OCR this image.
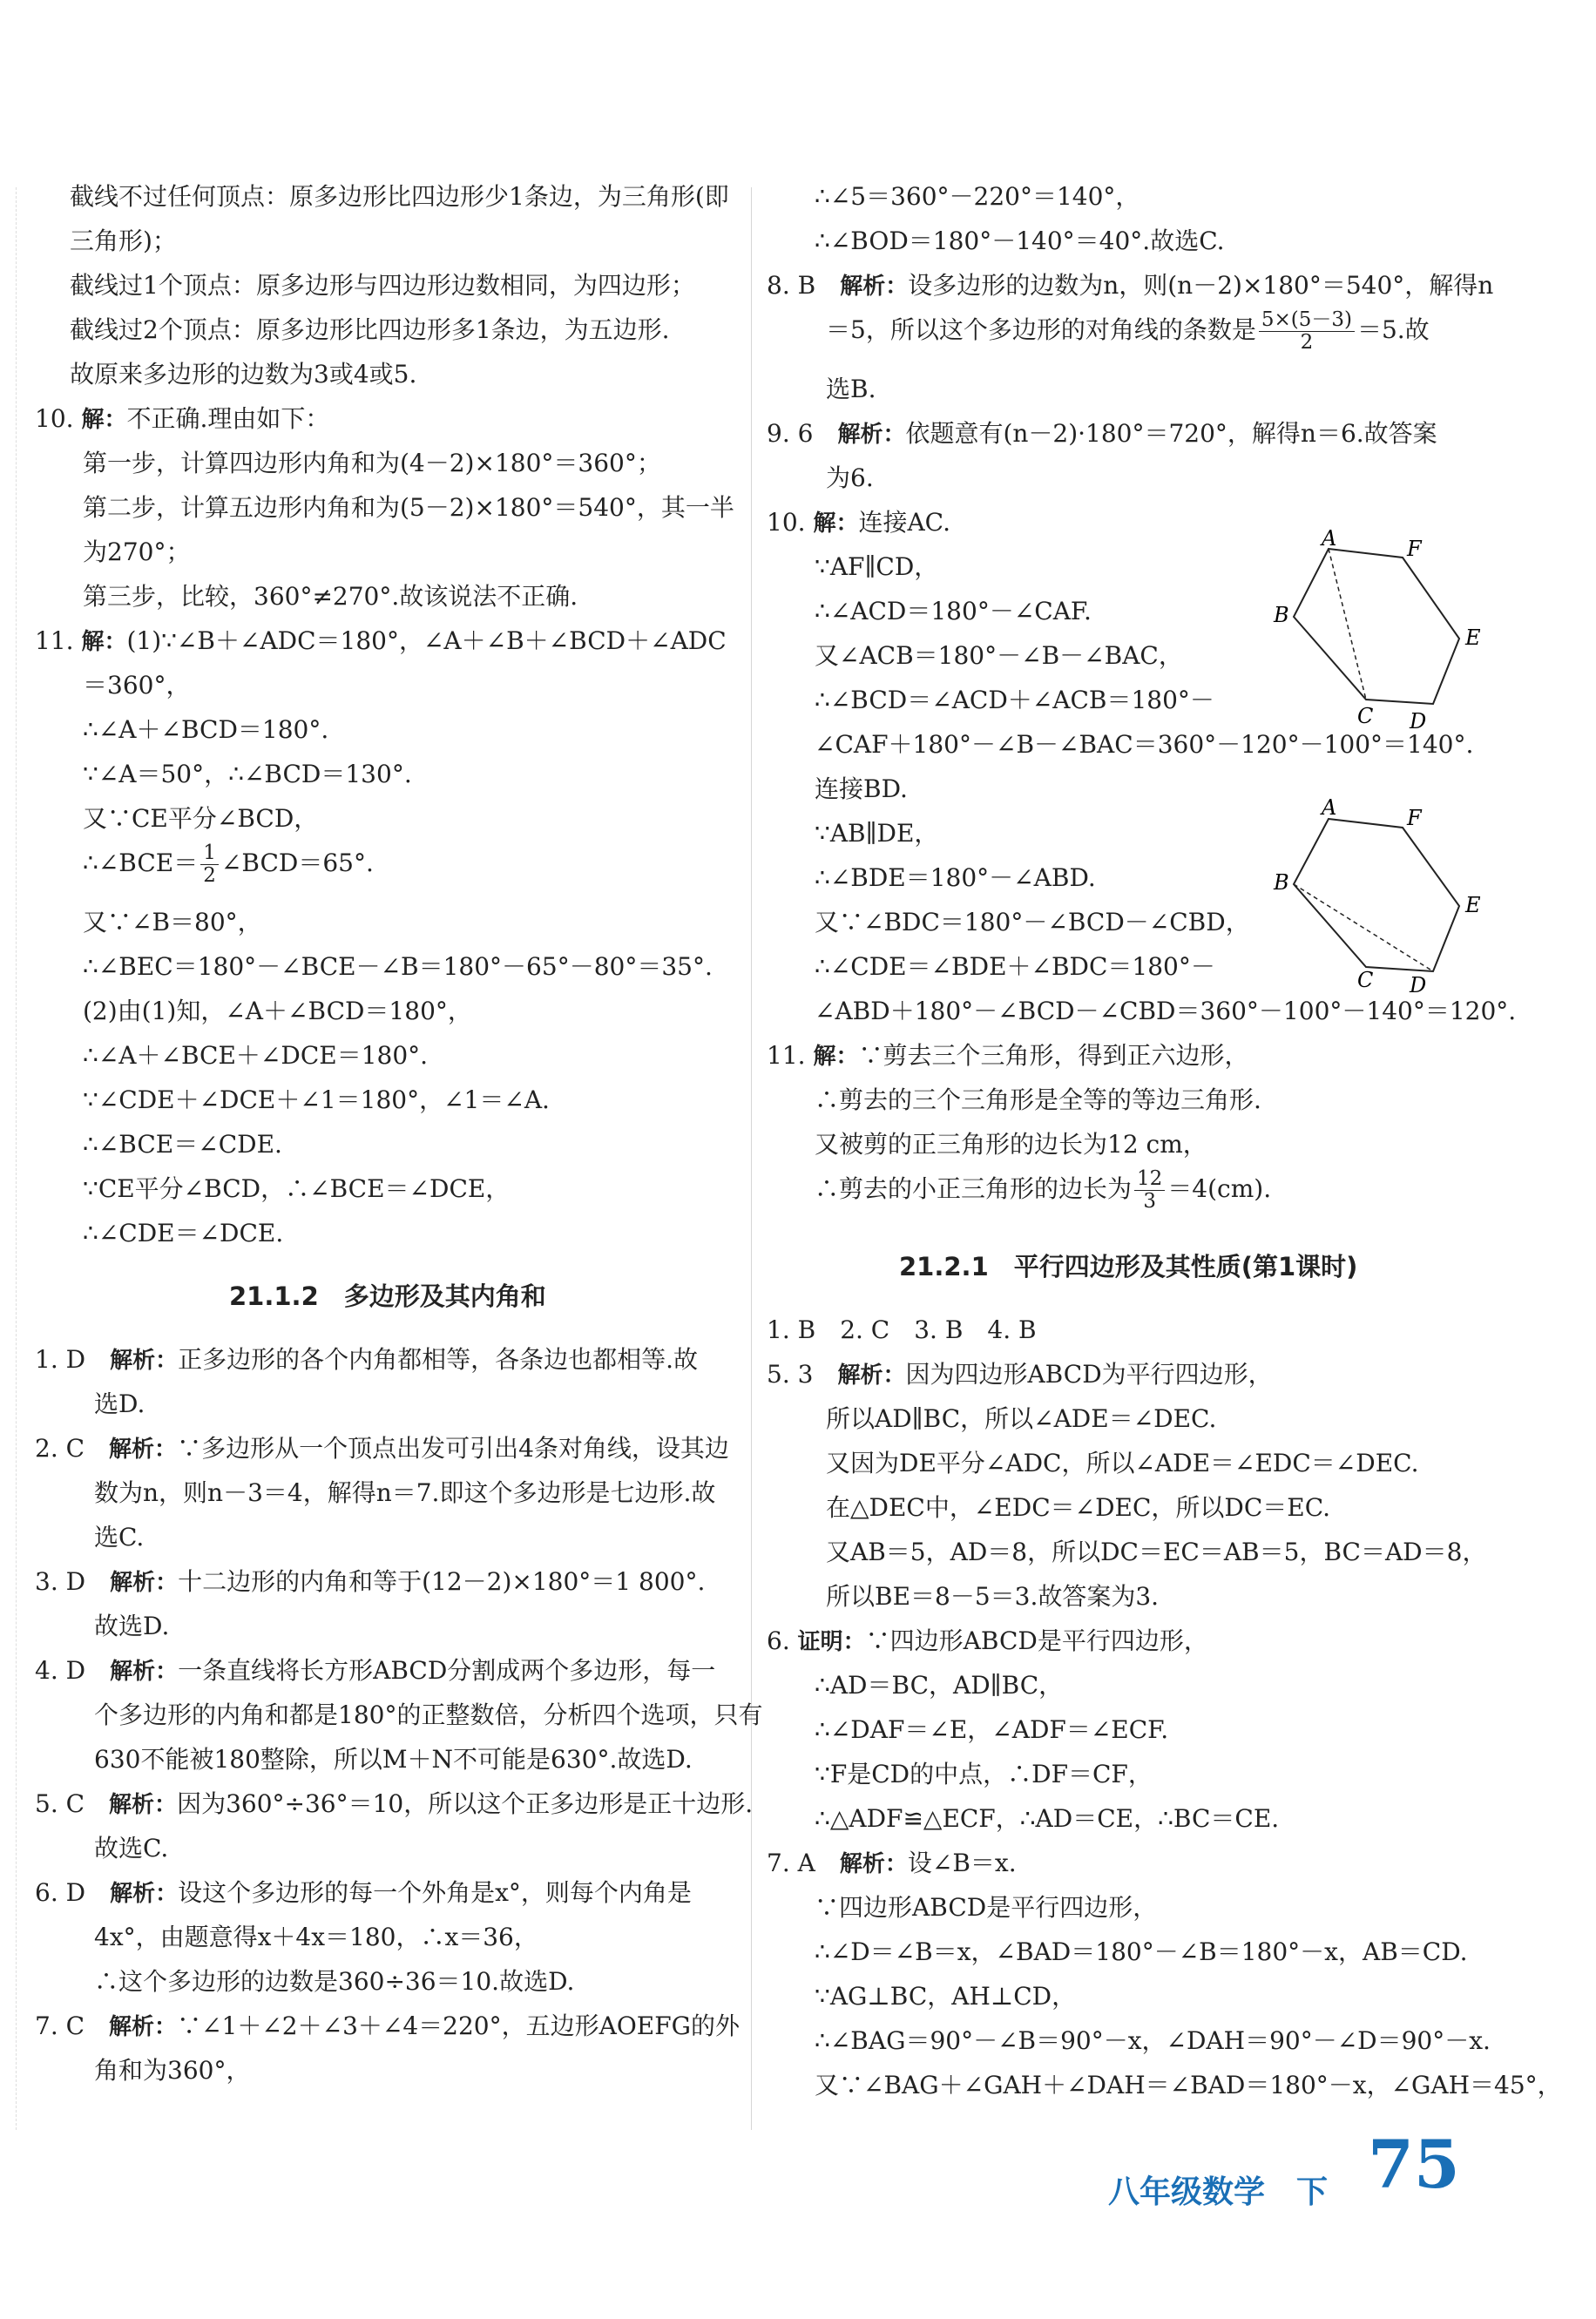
截线不过任何顶点：原多边形比四边形少1条边，为三角形(即
三角形)；
截线过1个顶点：原多边形与四边形边数相同，为四边形；
截线过2个顶点：原多边形比四边形多1条边，为五边形.
故原来多边形的边数为3或4或5.
10. 解：不正确.理由如下：
第一步，计算四边形内角和为(4－2)×180°＝360°；
第二步，计算五边形内角和为(5－2)×180°＝540°，其一半
为270°；
第三步，比较，360°≠270°.故该说法不正确.
11. 解：(1)∵∠B＋∠ADC＝180°，∠A＋∠B＋∠BCD＋∠ADC
＝360°，
∴∠A＋∠BCD＝180°.
∵∠A＝50°，∴∠BCD＝130°.
又∵CE平分∠BCD，
∴∠BCE＝ $\frac{1}{2}$ ∠BCD＝65°.
又∵∠B＝80°，
∴∠BEC＝180°－∠BCE－∠B＝180°－65°－80°＝35°.
(2)由(1)知，∠A＋∠BCD＝180°，
∴∠A＋∠BCE＋∠DCE＝180°.
∵∠CDE＋∠DCE＋∠1＝180°，∠1＝∠A.
∴∠BCE＝∠CDE.
∵CE平分∠BCD，∴∠BCE＝∠DCE，
∴∠CDE＝∠DCE.
21.1.2　多边形及其内角和
1. D　解析：正多边形的各个内角都相等，各条边也都相等.故
选D.
2. C　解析：∵多边形从一个顶点出发可引出4条对角线，设其边
数为n，则n－3＝4，解得n＝7.即这个多边形是七边形.故
选C.
3. D　解析：十二边形的内角和等于(12－2)×180°＝1 800°.
故选D.
4. D　解析：一条直线将长方形ABCD分割成两个多边形，每一
个多边形的内角和都是180°的正整数倍，分析四个选项，只有
630不能被180整除，所以M＋N不可能是630°.故选D.
5. C　解析：因为360°÷36°＝10，所以这个正多边形是正十边形.
故选C.
6. D　解析：设这个多边形的每一个外角是x°，则每个内角是
4x°，由题意得x＋4x＝180，∴x＝36，
∴这个多边形的边数是360÷36＝10.故选D.
7. C　解析：∵∠1＋∠2＋∠3＋∠4＝220°，五边形AOEFG的外
角和为360°，
∴∠5＝360°－220°＝140°，
∴∠BOD＝180°－140°＝40°.故选C.
8. B　解析：设多边形的边数为n，则(n－2)×180°＝540°，解得n
＝5，所以这个多边形的对角线的条数是 $\frac{5\times(5-3)}{2} =5$.故
选B.
9. 6　解析：依题意有(n－2)·180°＝720°，解得n＝6.故答案
为6.
10. 解：连接AC.
∵AF∥CD，
∴∠ACD＝180°－∠CAF.
又∠ACB＝180°－∠B－∠BAC，
∴∠BCD＝∠ACD＋∠ACB＝180°－
∠CAF＋180°－∠B－∠BAC＝360°－120°－100°＝140°.
连接BD.
∵AB∥DE，
∴∠BDE＝180°－∠ABD.
又∵∠BDC＝180°－∠BCD－∠CBD，
∴∠CDE＝∠BDE＋∠BDC＝180°－
∠ABD＋180°－∠BCD－∠CBD＝360°－100°－140°＝120°.
11. 解：∵剪去三个三角形，得到正六边形，
∴剪去的三个三角形是全等的等边三角形.
又被剪的正三角形的边长为12 cm，
∴剪去的小正三角形的边长为 $\frac{12}{3} =4(cm)$.
21.2.1　平行四边形及其性质(第1课时)
1. B　2. C　3. B　4. B
5. 3　解析：因为四边形ABCD为平行四边形，
所以AD∥BC，所以∠ADE＝∠DEC.
又因为DE平分∠ADC，所以∠ADE＝∠EDC＝∠DEC.
在△DEC中，∠EDC＝∠DEC，所以DC＝EC.
又AB＝5，AD＝8，所以DC＝EC＝AB＝5，BC＝AD＝8，
所以BE＝8－5＝3.故答案为3.
6. 证明：∵四边形ABCD是平行四边形，
∴AD＝BC，AD∥BC，
∴∠DAF＝∠E，∠ADF＝∠ECF.
∵F是CD的中点，∴DF＝CF，
∴△ADF≌△ECF，∴AD＝CE，∴BC＝CE.
7. A　解析：设∠B＝x.
∵四边形ABCD是平行四边形，
∴∠D＝∠B＝x，∠BAD＝180°－∠B＝180°－x，AB＝CD.
∵AG⊥BC，AH⊥CD，
∴∠BAG＝90°－∠B＝90°－x，∠DAH＝90°－∠D＝90°－x.
又∵∠BAG＋∠GAH＋∠DAH＝∠BAD＝180°－x，∠GAH＝45°，
A	F
B
E
C D
A	F
B
E
C D
八年级数学　下 75
